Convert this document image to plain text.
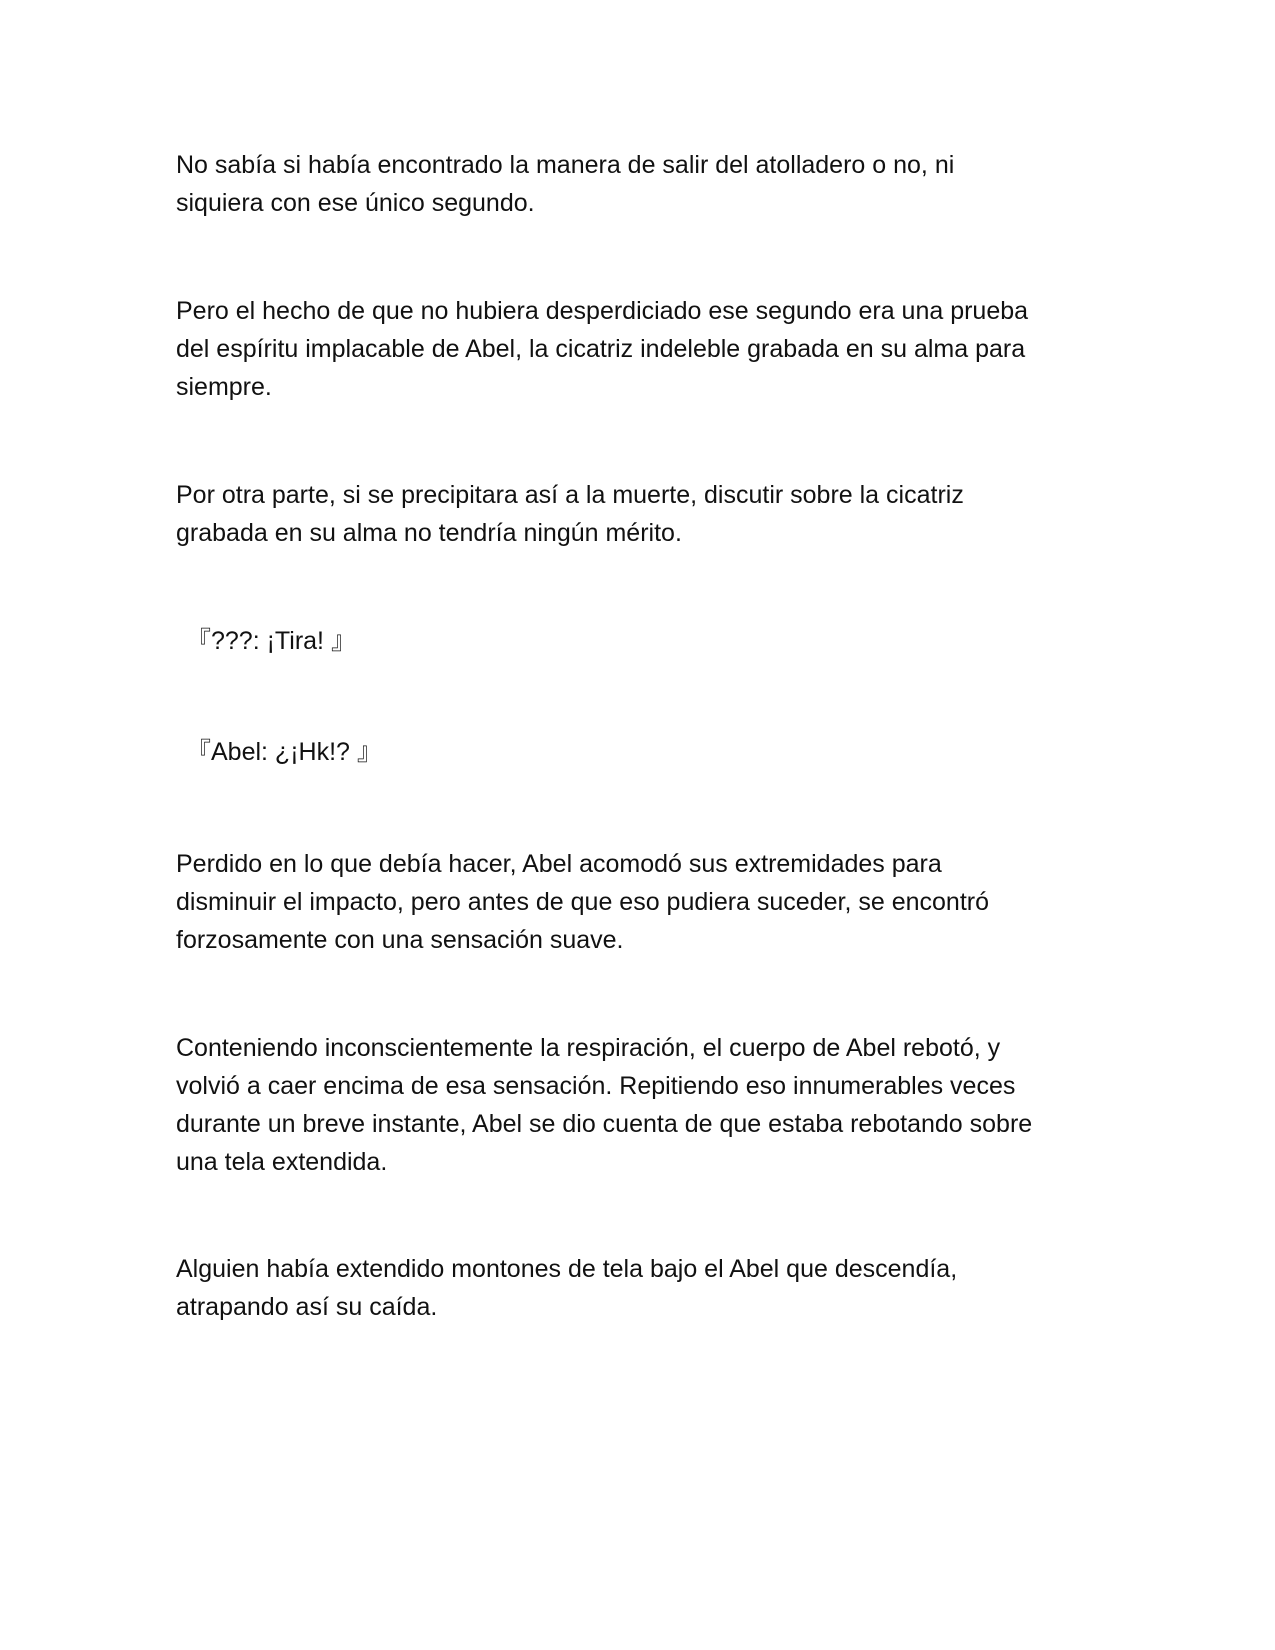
No sabía si había encontrado la manera de salir del atolladero o no, ni
siquiera con ese único segundo.

Pero el hecho de que no hubiera desperdiciado ese segundo era una prueba
del espíritu implacable de Abel, la cicatriz indeleble grabada en su alma para
siempre.

Por otra parte, si se precipitara así a la muerte, discutir sobre la cicatriz
grabada en su alma no tendría ningún mérito.

『???: ¡Tira! 』

『Abel: ¿¡Hk!? 』

Perdido en lo que debía hacer, Abel acomodó sus extremidades para
disminuir el impacto, pero antes de que eso pudiera suceder, se encontró
forzosamente con una sensación suave.

Conteniendo inconscientemente la respiración, el cuerpo de Abel rebotó, y
volvió a caer encima de esa sensación. Repitiendo eso innumerables veces
durante un breve instante, Abel se dio cuenta de que estaba rebotando sobre
una tela extendida.

Alguien había extendido montones de tela bajo el Abel que descendía,
atrapando así su caída.
